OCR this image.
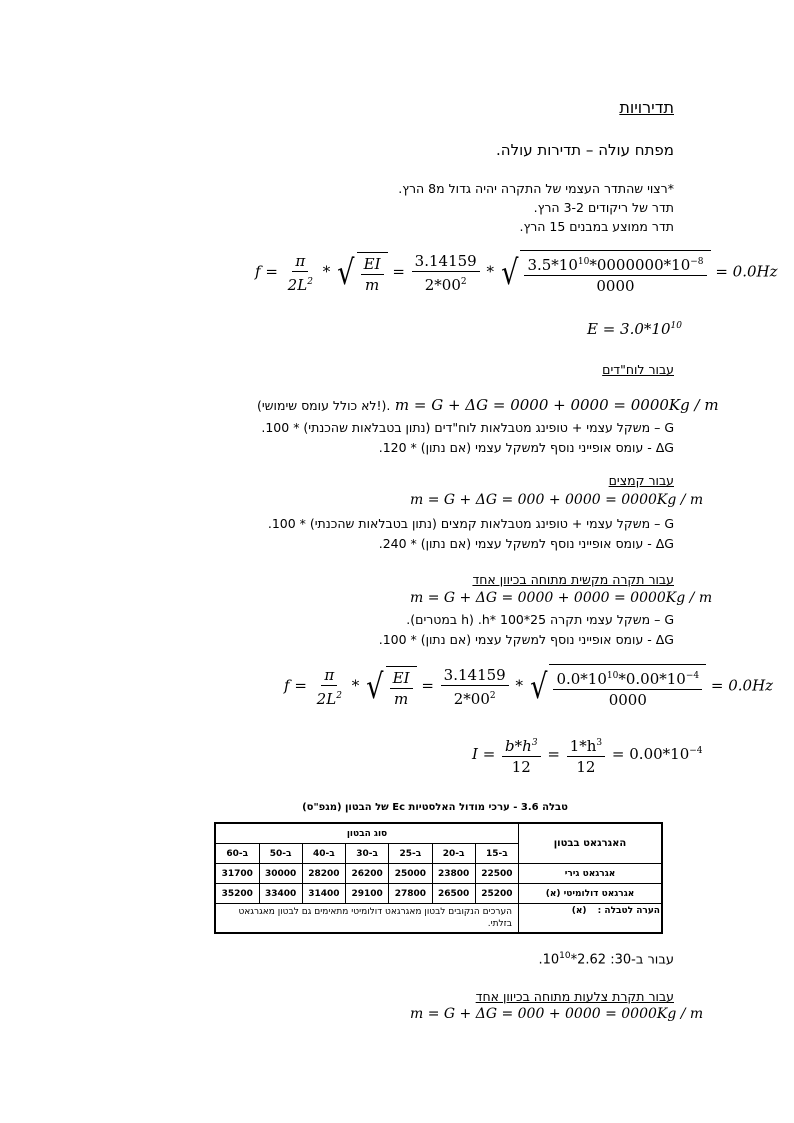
תדירויות
מפתח עולה – תדירות עולה.
*רצוי שהתדר העצמי של התקרה יהיה גדול מ8 הרץ.
תדר של ריקודים 3-2 הרץ.
תדר ממוצע במבנים 15 הרץ.
$f = \frac{\pi}{2L^2}$ * √ $\frac{EI}{m} = \frac{3.14159}{2*00^2}$ * √ $\frac{3.5*10^{10}*0000000*10^{-8}}{0000} = 0.0Hz$
$E = 3.0*10^{10}$
עבור לוח"דים
(לא כולל עומס שימושי!). m = G + ΔG = 0000 + 0000 = 0000Kg / m
G – משקל עצמי + טופינג מטבלאות לוח"דים (נתון בטבלאות שהכנתי) * 100.
ΔG - עומס אופייני נוסף למשקל עצמי (אם נתון) * 120.
עבור קמצים
m = G + ΔG = 000 + 0000 = 0000Kg / m
G – משקל עצמי + טופינג מטבלאות קמצים (נתון בטבלאות שהכנתי) * 100.
ΔG - עומס אופייני נוסף למשקל עצמי (אם נתון) * 240.
עבור תקרה מקשית מתוחה בכיוון אחד
m = G + ΔG = 0000 + 0000 = 0000Kg / m
G – משקל עצמי תקרה 25*h* 100. (h במטרים).
ΔG - עומס אופייני נוסף למשקל עצמי (אם נתון) * 100.
$f = \frac{\pi}{2L^2}$ * √ $\frac{EI}{m} = \frac{3.14159}{2*00^2}$ * √ $\frac{0.0*10^{10}*0.00*10^{-4}}{0000} = 0.0Hz$
$I = \frac{b*h^3}{12} = \frac{1*h^3}{12} = 0.00*10^{-4}$
טבלה 3.6 - ערכי מודול האלסטיות Ec של הבטון (מגפ"ס)
האגרגאט בבטון	סוג הבטון						
	ב-15	ב-20	ב-25	ב-30	ב-40	ב-50	ב-60
אגרגאט גירי	22500	23800	25000	26200	28200	30000	31700
אגרגאט דולומיטי (א)	25200	26500	27800	29100	31400	33400	35200
הערה לטבלה : (א)	הערכים הנקובים לבטון מאגרגאט דולומיטי מתאימים גם לבטון מאגרגאט בזלתי.						
עבור ב-30: $2.62*10^{10}$.
עבור תקרת צלעות מתוחה בכיוון אחד
m = G + ΔG = 000 + 0000 = 0000Kg / m
